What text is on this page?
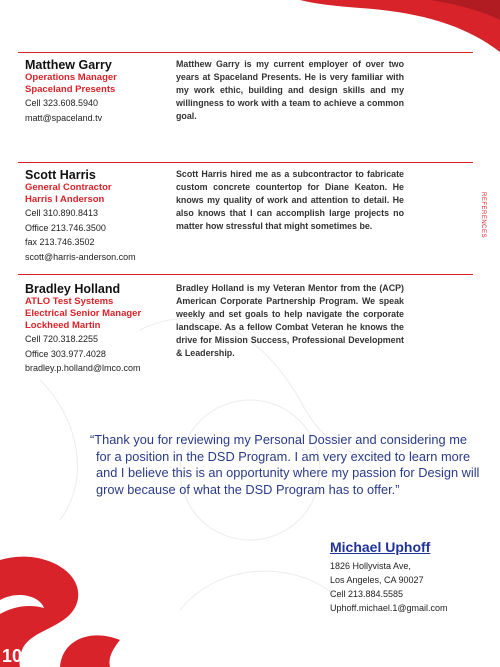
Matthew Garry
Operations Manager
Spaceland Presents
Cell 323.608.5940
matt@spaceland.tv
Matthew Garry is my current employer of over two years at Spaceland Presents. He is very familiar with my work ethic, building and design skills and my willingness to work with a team to achieve a common goal.
Scott Harris
General Contractor
Harris I Anderson
Cell 310.890.8413
Office 213.746.3500
fax 213.746.3502
scott@harris-anderson.com
Scott Harris hired me as a subcontractor to fabricate custom concrete countertop for Diane Keaton. He knows my quality of work and attention to detail. He also knows that I can accomplish large projects no matter how stressful that might sometimes be.
Bradley Holland
ATLO Test Systems
Electrical Senior Manager
Lockheed Martin
Cell 720.318.2255
Office 303.977.4028
bradley.p.holland@lmco.com
Bradley Holland is my Veteran Mentor from the (ACP) American Corporate Partnership Program. We speak weekly and set goals to help navigate the corporate landscape. As a fellow Combat Veteran he knows the drive for Mission Success, Professional Development & Leadership.
REFERENCES
“Thank you for reviewing my Personal Dossier and considering me for a position in the DSD Program. I am very excited to learn more and I believe this is an opportunity where my passion for Design will grow because of what the DSD Program has to offer.”
Michael Uphoff
1826 Hollyvista Ave,
Los Angeles, CA 90027
Cell 213.884.5585
Uphoff.michael.1@gmail.com
10
